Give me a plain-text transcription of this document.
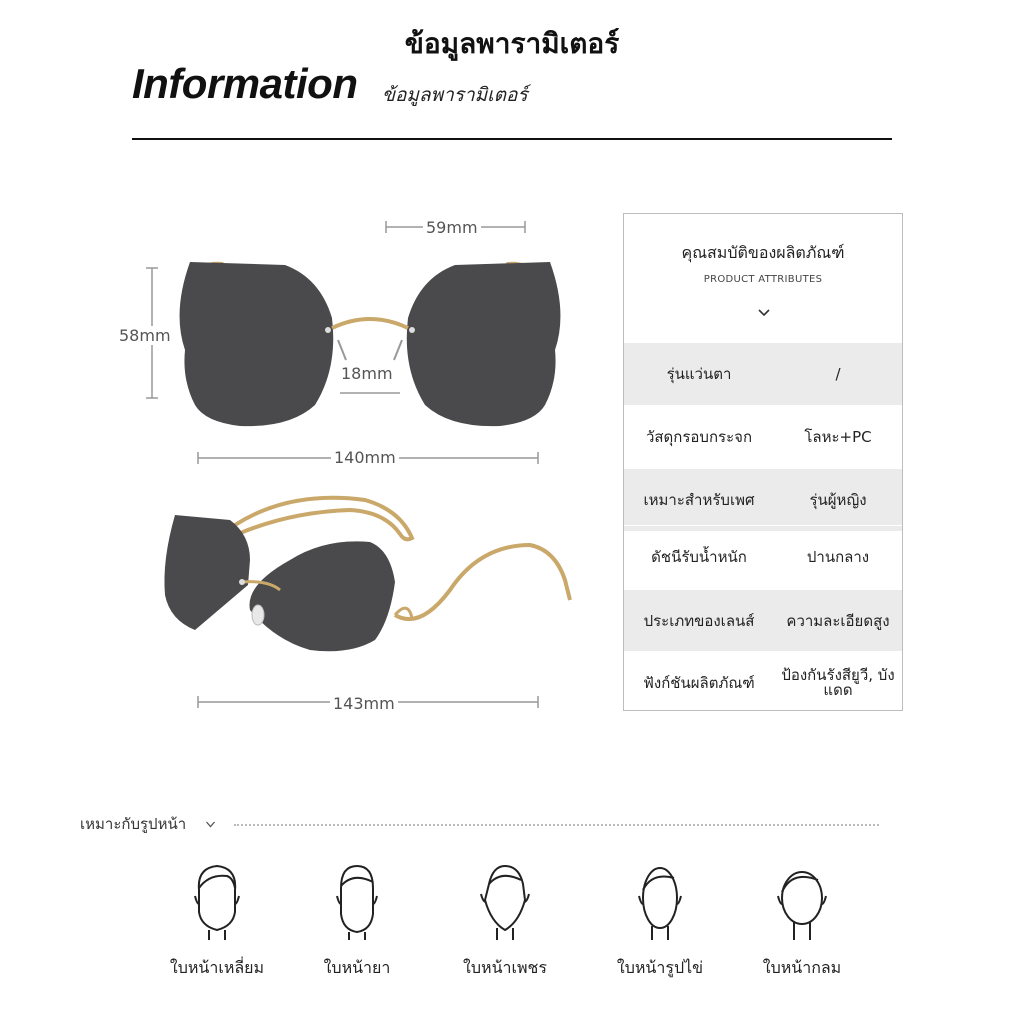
ข้อมูลพารามิเตอร์
Information ข้อมูลพารามิเตอร์
59mm
58mm
18mm
140mm
143mm
คุณสมบัติของผลิตภัณฑ์
PRODUCT ATTRIBUTES
รุ่นแว่นตา	/
วัสดุกรอบกระจก	โลหะ+PC
เหมาะสำหรับเพศ	รุ่นผู้หญิง
ดัชนีรับน้ำหนัก	ปานกลาง
ประเภทของเลนส์	ความละเอียดสูง
ฟังก์ชันผลิตภัณฑ์	ป้องกันรังสียูวี, บังแดด
เหมาะกับรูปหน้า
ใบหน้าเหลี่ยม	ใบหน้ายา	ใบหน้าเพชร	ใบหน้ารูปไข่	ใบหน้ากลม
